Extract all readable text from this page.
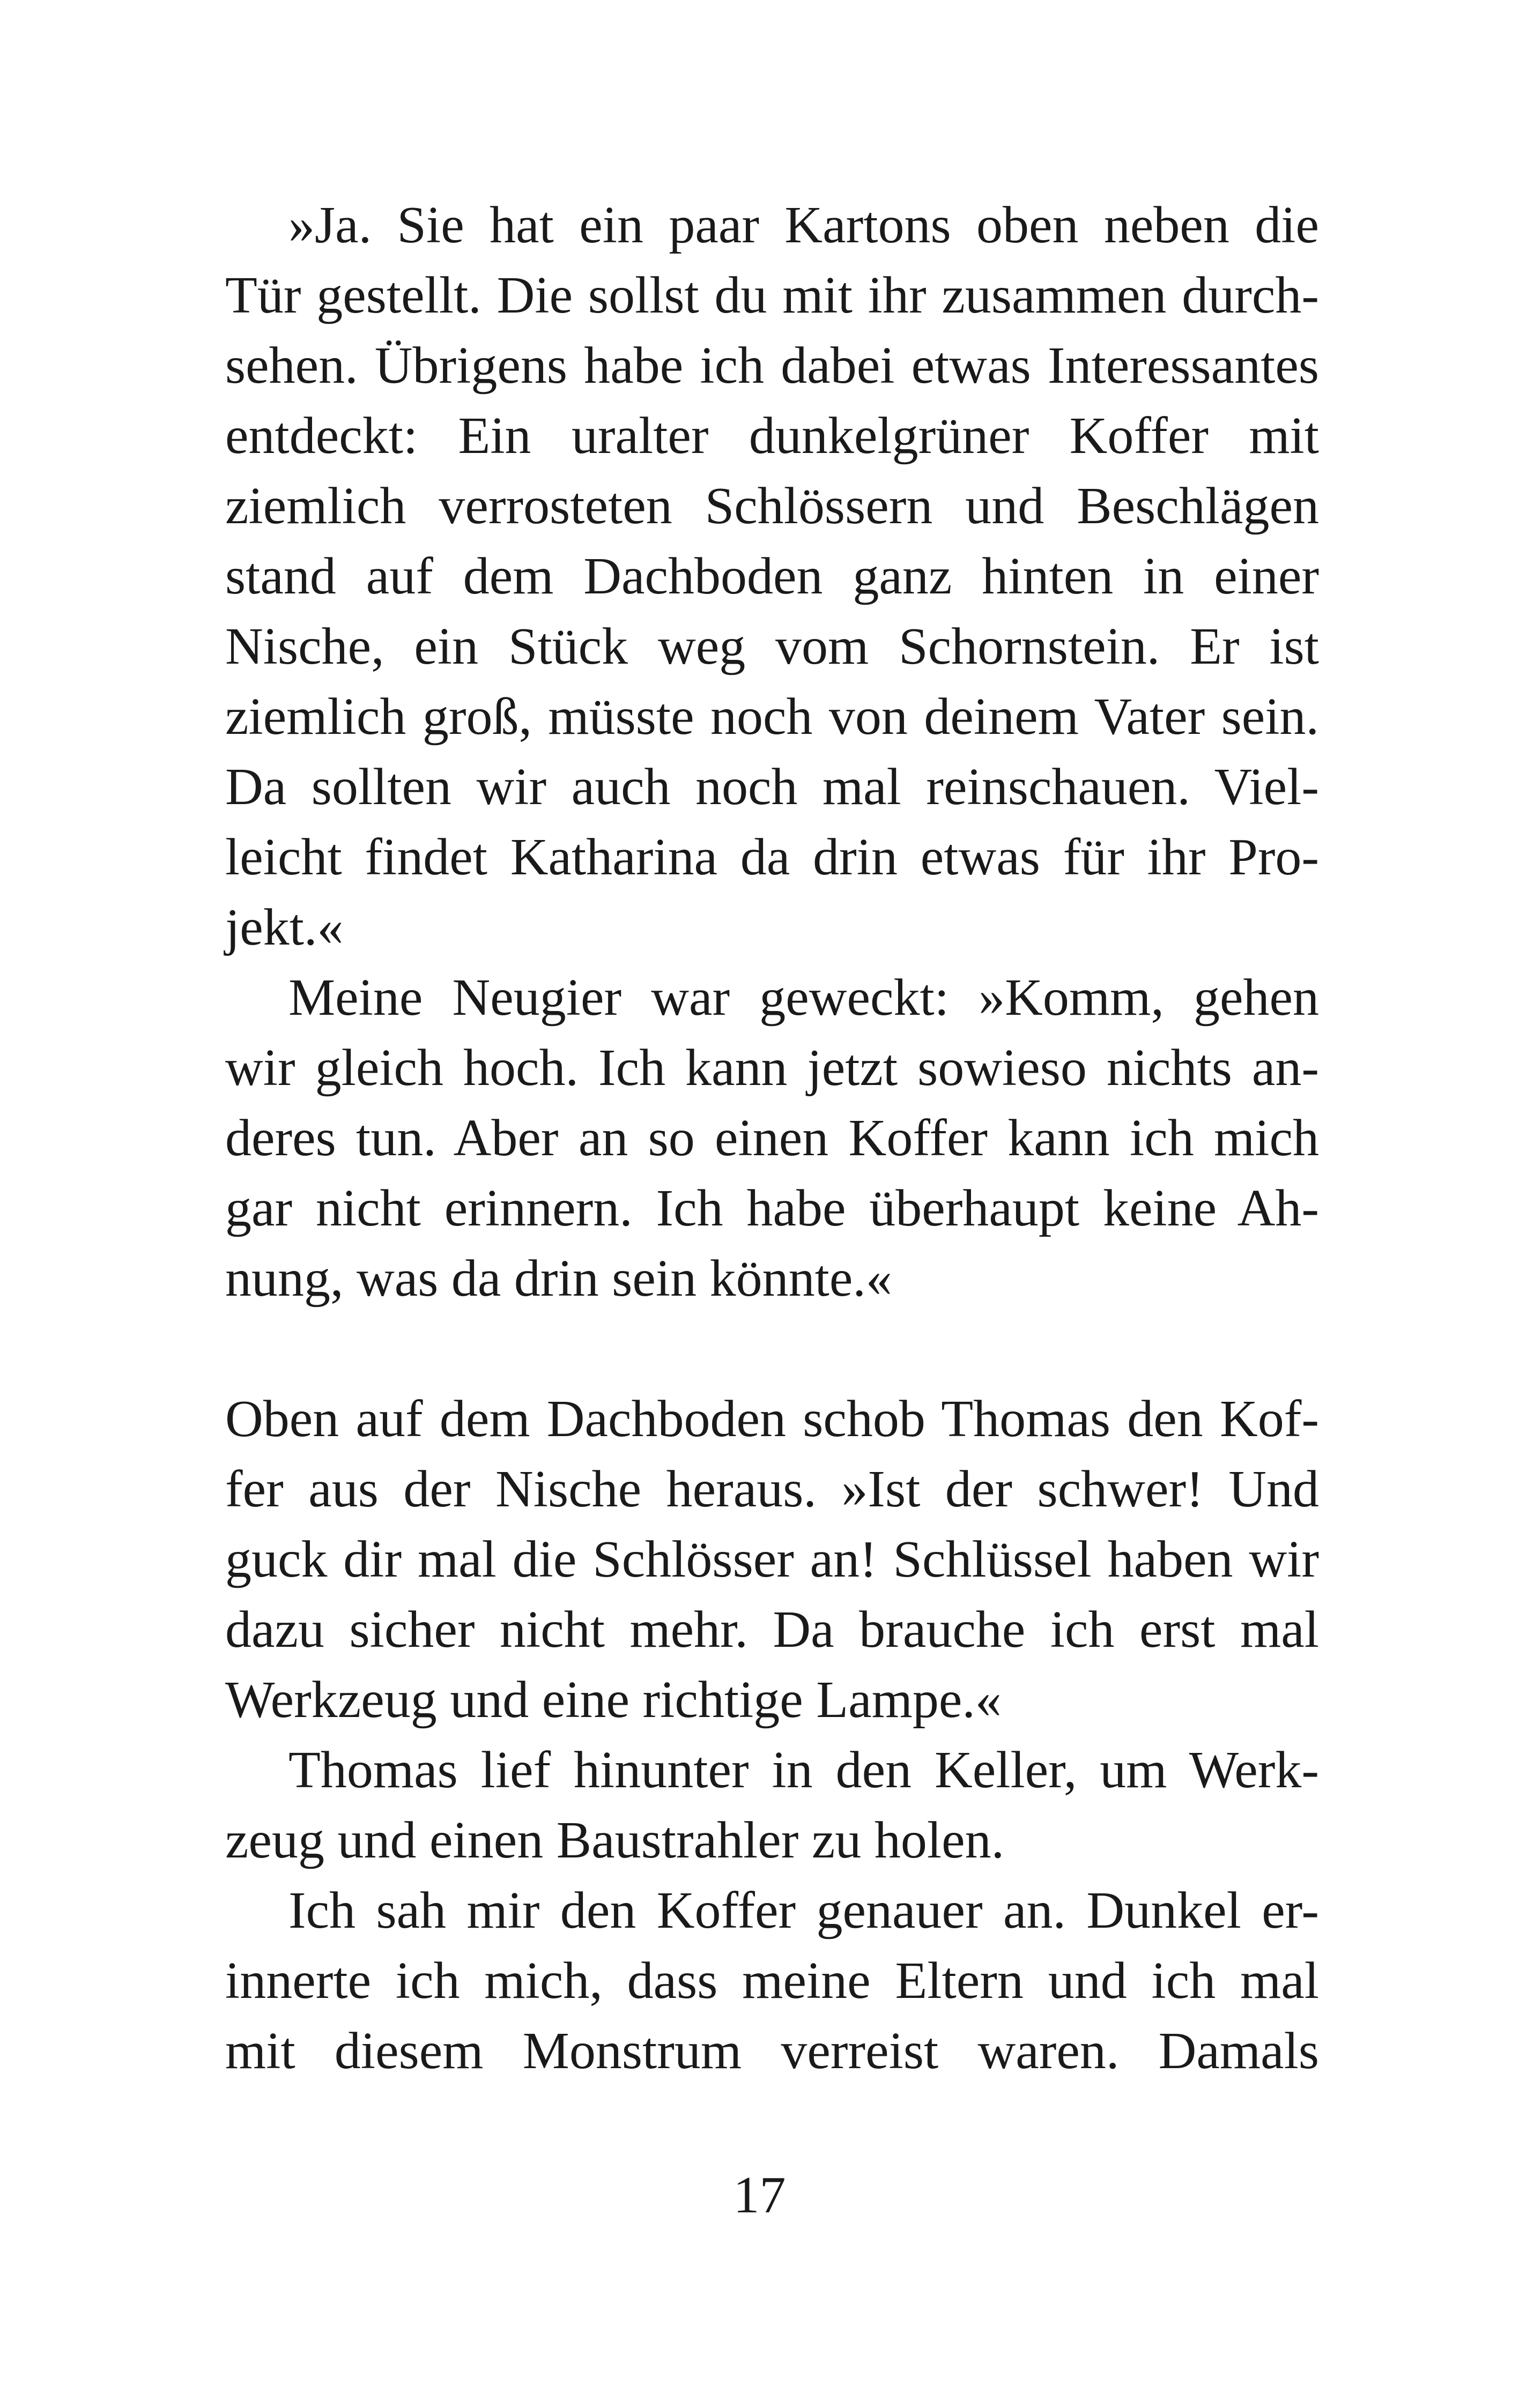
»Ja. Sie hat ein paar Kartons oben neben die
Tür gestellt. Die sollst du mit ihr zusammen durch-
sehen. Übrigens habe ich dabei etwas Interessantes
entdeckt: Ein uralter dunkelgrüner Koffer mit
ziemlich verrosteten Schlössern und Beschlägen
stand auf dem Dachboden ganz hinten in einer
Nische, ein Stück weg vom Schornstein. Er ist
ziemlich groß, müsste noch von deinem Vater sein.
Da sollten wir auch noch mal reinschauen. Viel-
leicht findet Katharina da drin etwas für ihr Pro-
jekt.«
Meine Neugier war geweckt: »Komm, gehen
wir gleich hoch. Ich kann jetzt sowieso nichts an-
deres tun. Aber an so einen Koffer kann ich mich
gar nicht erinnern. Ich habe überhaupt keine Ah-
nung, was da drin sein könnte.«
Oben auf dem Dachboden schob Thomas den Kof-
fer aus der Nische heraus. »Ist der schwer! Und
guck dir mal die Schlösser an! Schlüssel haben wir
dazu sicher nicht mehr. Da brauche ich erst mal
Werkzeug und eine richtige Lampe.«
Thomas lief hinunter in den Keller, um Werk-
zeug und einen Baustrahler zu holen.
Ich sah mir den Koffer genauer an. Dunkel er-
innerte ich mich, dass meine Eltern und ich mal
mit diesem Monstrum verreist waren. Damals
17
